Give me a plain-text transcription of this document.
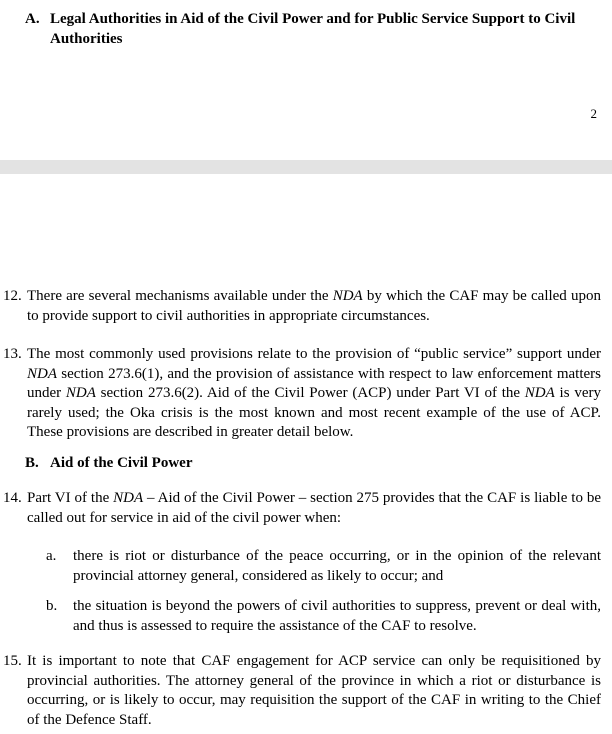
A. Legal Authorities in Aid of the Civil Power and for Public Service Support to Civil Authorities
2
12. There are several mechanisms available under the NDA by which the CAF may be called upon to provide support to civil authorities in appropriate circumstances.
13. The most commonly used provisions relate to the provision of “public service” support under NDA section 273.6(1), and the provision of assistance with respect to law enforcement matters under NDA section 273.6(2). Aid of the Civil Power (ACP) under Part VI of the NDA is very rarely used; the Oka crisis is the most known and most recent example of the use of ACP. These provisions are described in greater detail below.
B. Aid of the Civil Power
14. Part VI of the NDA – Aid of the Civil Power – section 275 provides that the CAF is liable to be called out for service in aid of the civil power when:
a.	there is riot or disturbance of the peace occurring, or in the opinion of the relevant provincial attorney general, considered as likely to occur; and
b.	the situation is beyond the powers of civil authorities to suppress, prevent or deal with, and thus is assessed to require the assistance of the CAF to resolve.
15. It is important to note that CAF engagement for ACP service can only be requisitioned by provincial authorities. The attorney general of the province in which a riot or disturbance is occurring, or is likely to occur, may requisition the support of the CAF in writing to the Chief of the Defence Staff.
